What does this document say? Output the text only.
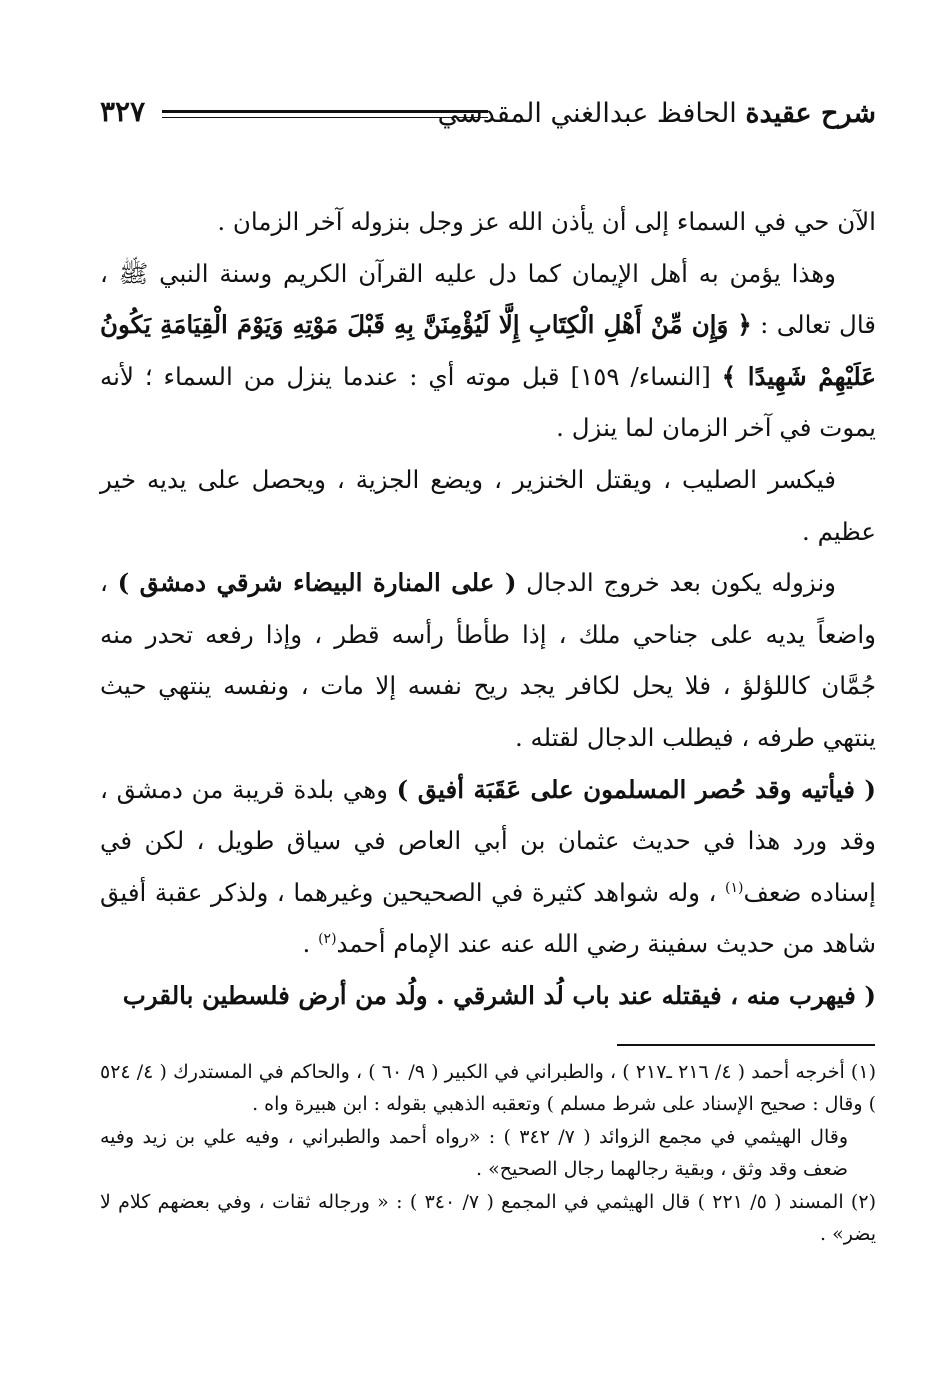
شرح عقيدة الحافظ عبدالغني المقدسي
٣٢٧

الآن حي في السماء إلى أن يأذن الله عز وجل بنزوله آخر الزمان .

وهذا يؤمن به أهل الإيمان كما دل عليه القرآن الكريم وسنة النبي ﷺ ، قال تعالى : ﴿ وَإِن مِّنْ أَهْلِ الْكِتَابِ إِلَّا لَيُؤْمِنَنَّ بِهِ قَبْلَ مَوْتِهِ وَيَوْمَ الْقِيَامَةِ يَكُونُ عَلَيْهِمْ شَهِيدًا ﴾ [النساء/ ١٥٩] قبل موته أي : عندما ينزل من السماء ؛ لأنه يموت في آخر الزمان لما ينزل .

فيكسر الصليب ، ويقتل الخنزير ، ويضع الجزية ، ويحصل على يديه خير عظيم .

ونزوله يكون بعد خروج الدجال ( على المنارة البيضاء شرقي دمشق ) ، واضعاً يديه على جناحي ملك ، إذا طأطأ رأسه قطر ، وإذا رفعه تحدر منه جُمَّان كاللؤلؤ ، فلا يحل لكافر يجد ريح نفسه إلا مات ، ونفسه ينتهي حيث ينتهي طرفه ، فيطلب الدجال لقتله .

( فيأتيه وقد حُصر المسلمون على عَقَبَة أفيق ) وهي بلدة قريبة من دمشق ، وقد ورد هذا في حديث عثمان بن أبي العاص في سياق طويل ، لكن في إسناده ضعف$^{(١)}$ ، وله شواهد كثيرة في الصحيحين وغيرهما ، ولذكر عقبة أفيق شاهد من حديث سفينة رضي الله عنه عند الإمام أحمد$^{(٢)}$ .

( فيهرب منه ، فيقتله عند باب لُد الشرقي . ولُد من أرض فلسطين بالقرب

(١) أخرجه أحمد ( ٤/ ٢١٦ ـ٢١٧ ) ، والطبراني في الكبير ( ٩/ ٦٠ ) ، والحاكم في المستدرك ( ٤/ ٥٢٤ ) وقال : صحيح الإسناد على شرط مسلم ) وتعقبه الذهبي بقوله : ابن هبيرة واه .

وقال الهيثمي في مجمع الزوائد ( ٧/ ٣٤٢ ) : «رواه أحمد والطبراني ، وفيه علي بن زيد وفيه ضعف وقد وثق ، وبقية رجالهما رجال الصحيح» .

(٢) المسند ( ٥/ ٢٢١ ) قال الهيثمي في المجمع ( ٧/ ٣٤٠ ) : « ورجاله ثقات ، وفي بعضهم كلام لا يضر» .
